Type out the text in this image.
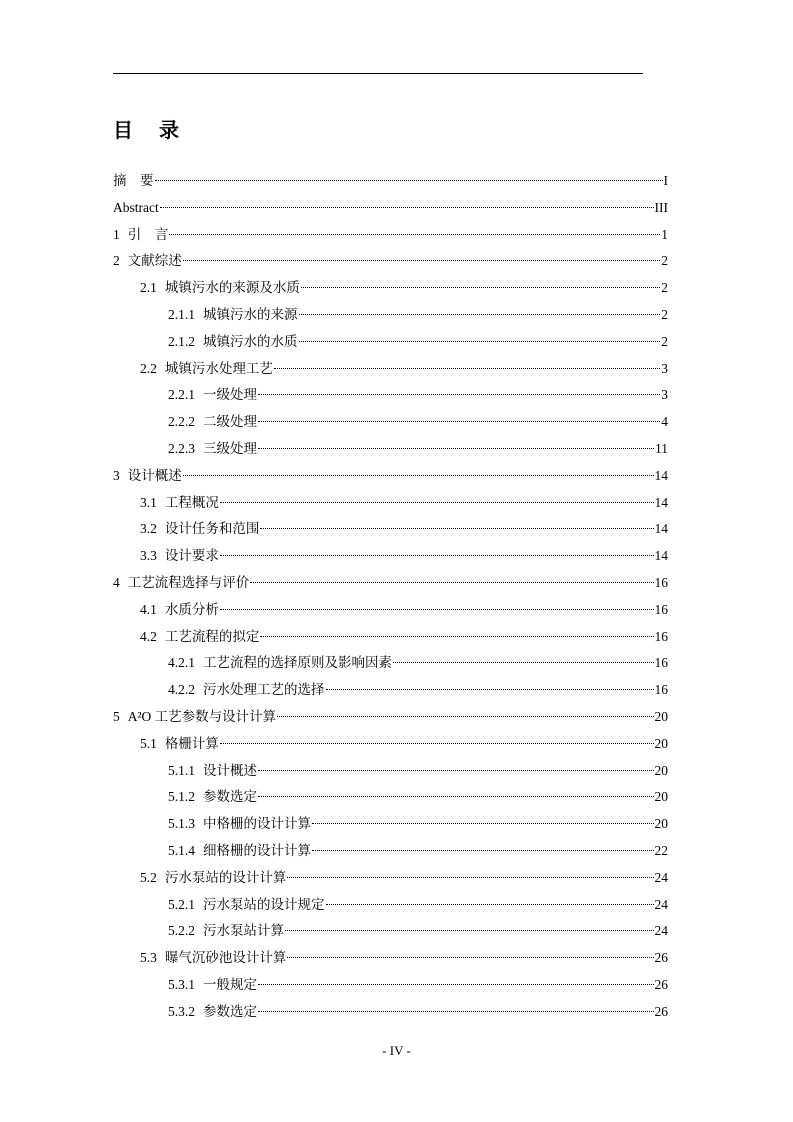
目 录
摘　要	I
Abstract	III
1 引　言	1
2 文献综述	2
2.1 城镇污水的来源及水质	2
2.1.1 城镇污水的来源	2
2.1.2 城镇污水的水质	2
2.2 城镇污水处理工艺	3
2.2.1 一级处理	3
2.2.2 二级处理	4
2.2.3 三级处理	11
3 设计概述	14
3.1 工程概况	14
3.2 设计任务和范围	14
3.3 设计要求	14
4 工艺流程选择与评价	16
4.1 水质分析	16
4.2 工艺流程的拟定	16
4.2.1 工艺流程的选择原则及影响因素	16
4.2.2 污水处理工艺的选择	16
5 A²O 工艺参数与设计计算	20
5.1 格栅计算	20
5.1.1 设计概述	20
5.1.2 参数选定	20
5.1.3 中格栅的设计计算	20
5.1.4 细格栅的设计计算	22
5.2 污水泵站的设计计算	24
5.2.1 污水泵站的设计规定	24
5.2.2 污水泵站计算	24
5.3 曝气沉砂池设计计算	26
5.3.1 一般规定	26
5.3.2 参数选定	26
- IV -
